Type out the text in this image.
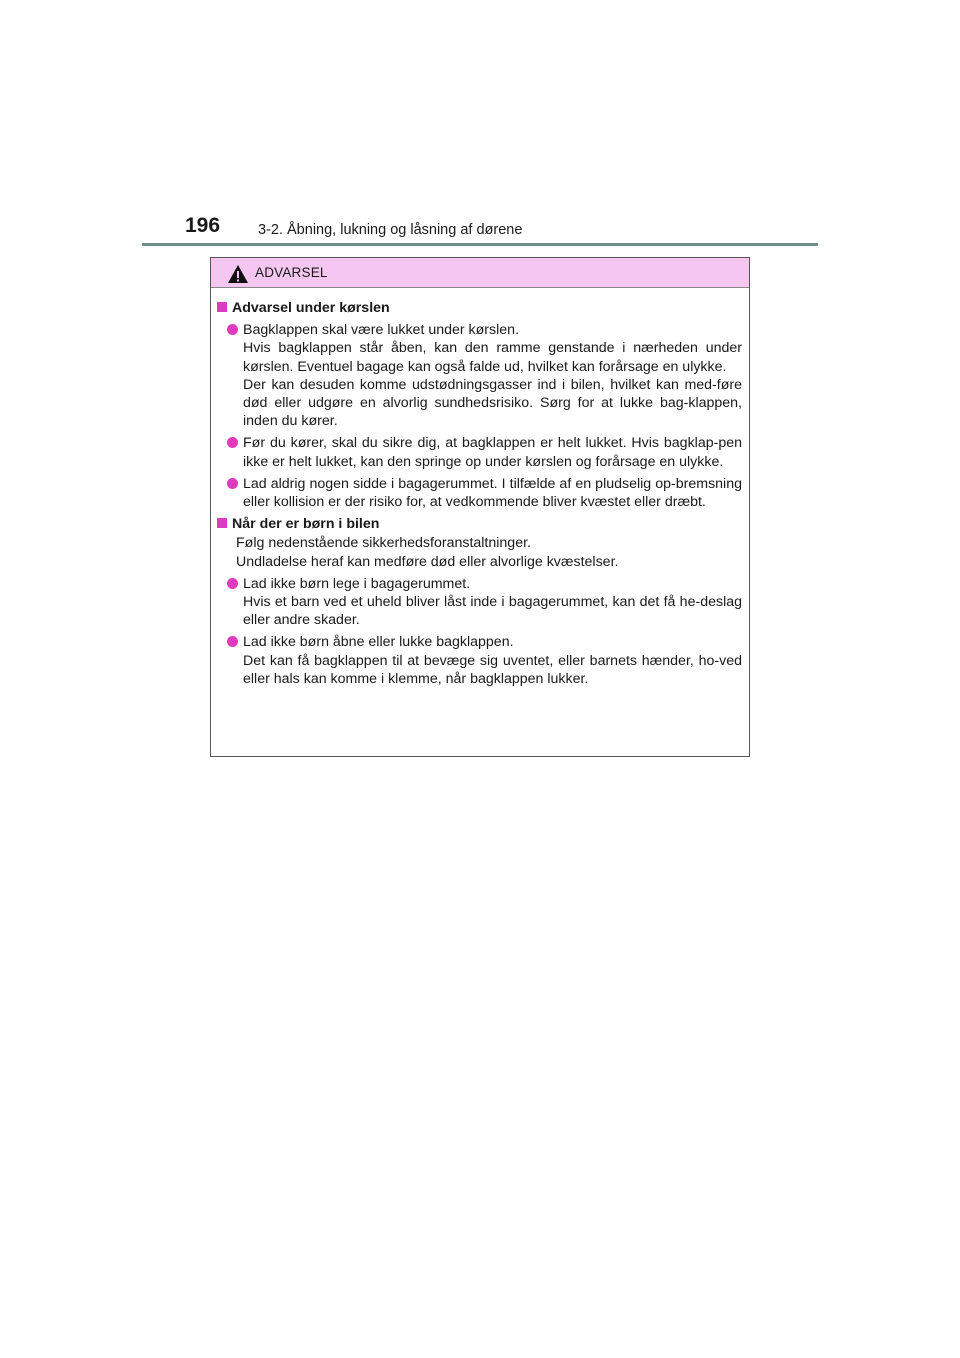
196	3-2. Åbning, lukning og låsning af dørene
ADVARSEL
Advarsel under kørslen

Bagklappen skal være lukket under kørslen.

Hvis bagklappen står åben, kan den ramme genstande i nærheden under kørslen. Eventuel bagage kan også falde ud, hvilket kan forårsage en ulykke.

Der kan desuden komme udstødningsgasser ind i bilen, hvilket kan med-føre død eller udgøre en alvorlig sundhedsrisiko. Sørg for at lukke bag-klappen, inden du kører.

Før du kører, skal du sikre dig, at bagklappen er helt lukket. Hvis bagklap-pen ikke er helt lukket, kan den springe op under kørslen og forårsage en ulykke.

Lad aldrig nogen sidde i bagagerummet. I tilfælde af en pludselig op-bremsning eller kollision er der risiko for, at vedkommende bliver kvæstet eller dræbt.

Når der er børn i bilen

Følg nedenstående sikkerhedsforanstaltninger.

Undladelse heraf kan medføre død eller alvorlige kvæstelser.

Lad ikke børn lege i bagagerummet.

Hvis et barn ved et uheld bliver låst inde i bagagerummet, kan det få he-deslag eller andre skader.

Lad ikke børn åbne eller lukke bagklappen.

Det kan få bagklappen til at bevæge sig uventet, eller barnets hænder, ho-ved eller hals kan komme i klemme, når bagklappen lukker.
